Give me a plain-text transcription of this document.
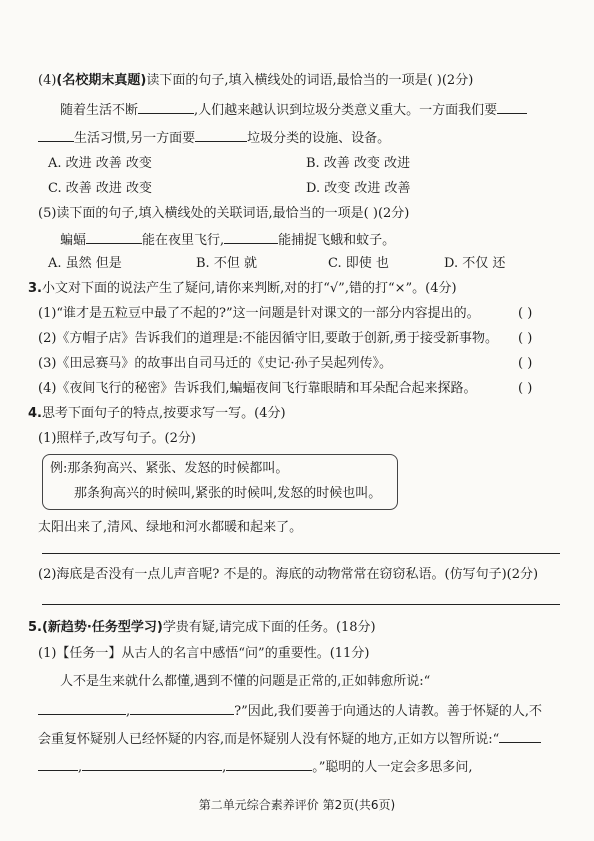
(4)(名校期末真题)读下面的句子,填入横线处的词语,最恰当的一项是( )(2分)
随着生活不断	,人们越来越认识到垃圾分类意义重大。一方面我们要
生活习惯,另一方面要	垃圾分类的设施、设备。
A. 改进 改善 改变	B. 改善 改变 改进
C. 改善 改进 改变	D. 改变 改进 改善
(5)读下面的句子,填入横线处的关联词语,最恰当的一项是( )(2分)
蝙蝠	能在夜里飞行,	能捕捉飞蛾和蚊子。
A. 虽然 但是	B. 不但 就	C. 即使 也	D. 不仅 还
3.小文对下面的说法产生了疑问,请你来判断,对的打“√”,错的打“×”。(4分)
(1)“谁才是五粒豆中最了不起的?”这一问题是针对课文的一部分内容提出的。	( )
(2)《方帽子店》告诉我们的道理是:不能因循守旧,要敢于创新,勇于接受新事物。 ( )
(3)《田忌赛马》的故事出自司马迁的《史记·孙子吴起列传》。	( )
(4)《夜间飞行的秘密》告诉我们,蝙蝠夜间飞行靠眼睛和耳朵配合起来探路。	( )
4.思考下面句子的特点,按要求写一写。(4分)
(1)照样子,改写句子。(2分)
例:那条狗高兴、紧张、发怒的时候都叫。
那条狗高兴的时候叫,紧张的时候叫,发怒的时候也叫。
太阳出来了,清风、绿地和河水都暖和起来了。
(2)海底是否没有一点儿声音呢? 不是的。海底的动物常常在窃窃私语。(仿写句子)(2分)
5.(新趋势·任务型学习)学贵有疑,请完成下面的任务。(18分)
(1)【任务一】从古人的名言中感悟“问”的重要性。(11分)
人不是生来就什么都懂,遇到不懂的问题是正常的,正如韩愈所说:“
,	?”因此,我们要善于向通达的人请教。善于怀疑的人,不
会重复怀疑别人已经怀疑的内容,而是怀疑别人没有怀疑的地方,正如方以智所说:“
,	,	。”聪明的人一定会多思多问,
第二单元综合素养评价 第2页(共6页)
